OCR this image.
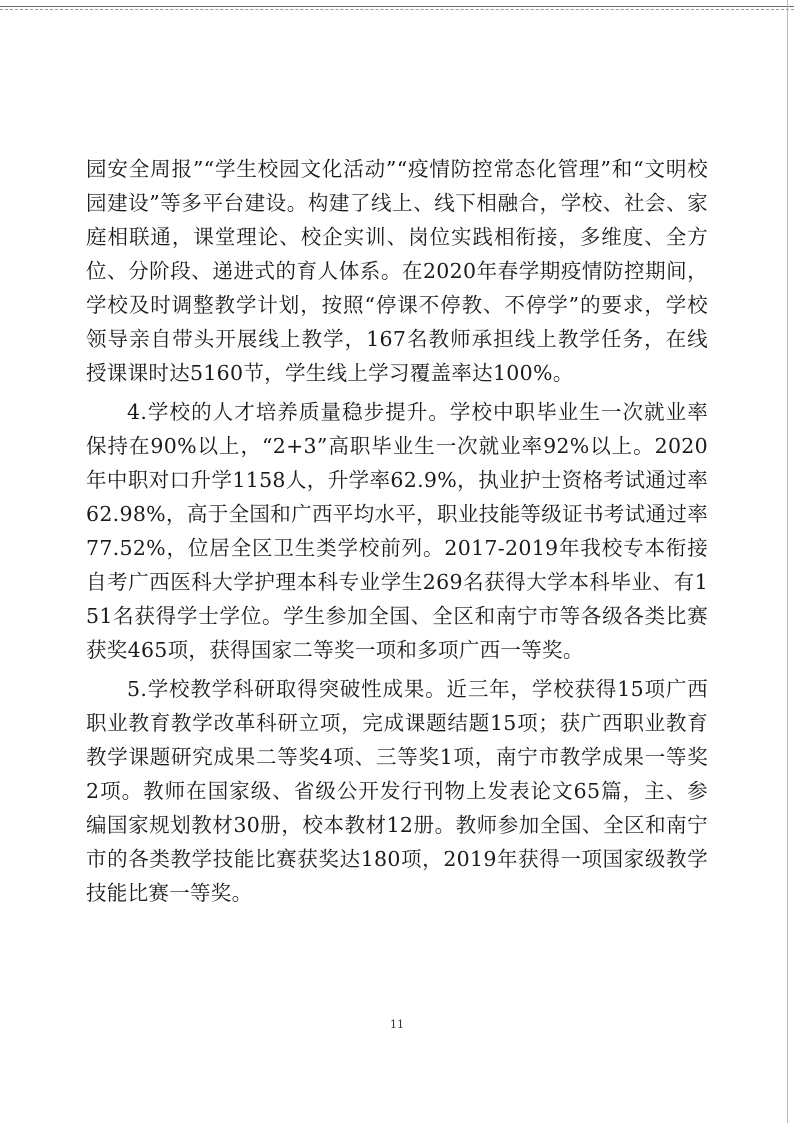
园安全周报”“学生校园文化活动”“疫情防控常态化管理”和“文明校园建设”等多平台建设。构建了线上、线下相融合，学校、社会、家庭相联通，课堂理论、校企实训、岗位实践相衔接，多维度、全方位、分阶段、递进式的育人体系。在2020年春学期疫情防控期间，学校及时调整教学计划，按照“停课不停教、不停学”的要求，学校领导亲自带头开展线上教学，167名教师承担线上教学任务，在线授课课时达5160节，学生线上学习覆盖率达100%。

4.学校的人才培养质量稳步提升。学校中职毕业生一次就业率保持在90%以上，“2+3”高职毕业生一次就业率92%以上。2020年中职对口升学1158人，升学率62.9%，执业护士资格考试通过率62.98%，高于全国和广西平均水平，职业技能等级证书考试通过率77.52%，位居全区卫生类学校前列。2017-2019年我校专本衔接自考广西医科大学护理本科专业学生269名获得大学本科毕业、有151名获得学士学位。学生参加全国、全区和南宁市等各级各类比赛获奖465项，获得国家二等奖一项和多项广西一等奖。

5.学校教学科研取得突破性成果。近三年，学校获得15项广西职业教育教学改革科研立项，完成课题结题15项；获广西职业教育教学课题研究成果二等奖4项、三等奖1项，南宁市教学成果一等奖2项。教师在国家级、省级公开发行刊物上发表论文65篇，主、参编国家规划教材30册，校本教材12册。教师参加全国、全区和南宁市的各类教学技能比赛获奖达180项，2019年获得一项国家级教学技能比赛一等奖。

11
